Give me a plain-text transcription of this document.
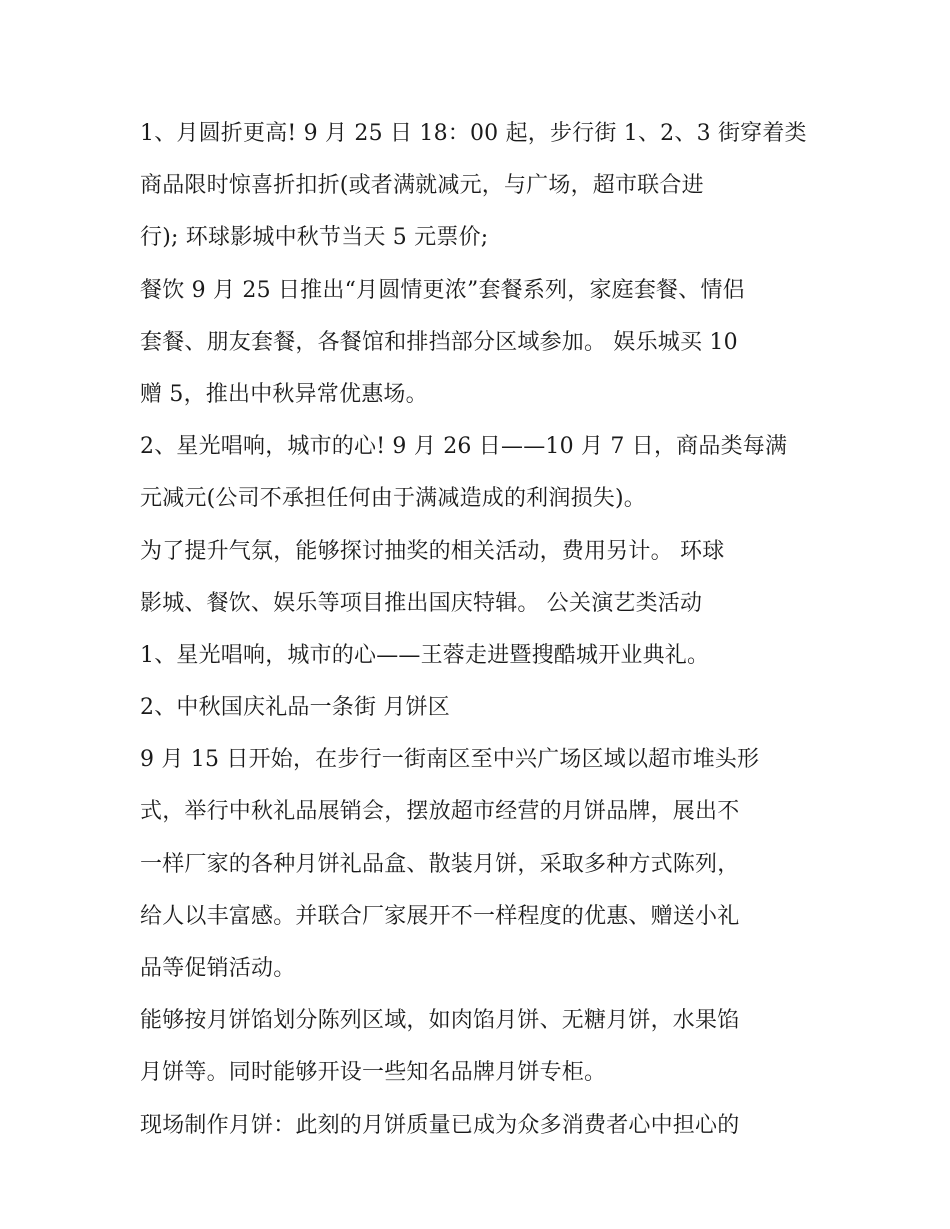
1、月圆折更高! 9 月 25 日 18：00 起，步行街 1、2、3 街穿着类
商品限时惊喜折扣折(或者满就减元，与广场，超市联合进
行); 环球影城中秋节当天 5 元票价;
餐饮 9 月 25 日推出“月圆情更浓”套餐系列，家庭套餐、情侣
套餐、朋友套餐，各餐馆和排挡部分区域参加。 娱乐城买 10
赠 5，推出中秋异常优惠场。
2、星光唱响，城市的心! 9 月 26 日——10 月 7 日，商品类每满
元减元(公司不承担任何由于满减造成的利润损失)。
为了提升气氛，能够探讨抽奖的相关活动，费用另计。 环球
影城、餐饮、娱乐等项目推出国庆特辑。 公关演艺类活动
1、星光唱响，城市的心——王蓉走进暨搜酷城开业典礼。
2、中秋国庆礼品一条街 月饼区
9 月 15 日开始，在步行一街南区至中兴广场区域以超市堆头形
式，举行中秋礼品展销会，摆放超市经营的月饼品牌，展出不
一样厂家的各种月饼礼品盒、散装月饼，采取多种方式陈列，
给人以丰富感。并联合厂家展开不一样程度的优惠、赠送小礼
品等促销活动。
能够按月饼馅划分陈列区域，如肉馅月饼、无糖月饼，水果馅
月饼等。同时能够开设一些知名品牌月饼专柜。
现场制作月饼：此刻的月饼质量已成为众多消费者心中担心的
